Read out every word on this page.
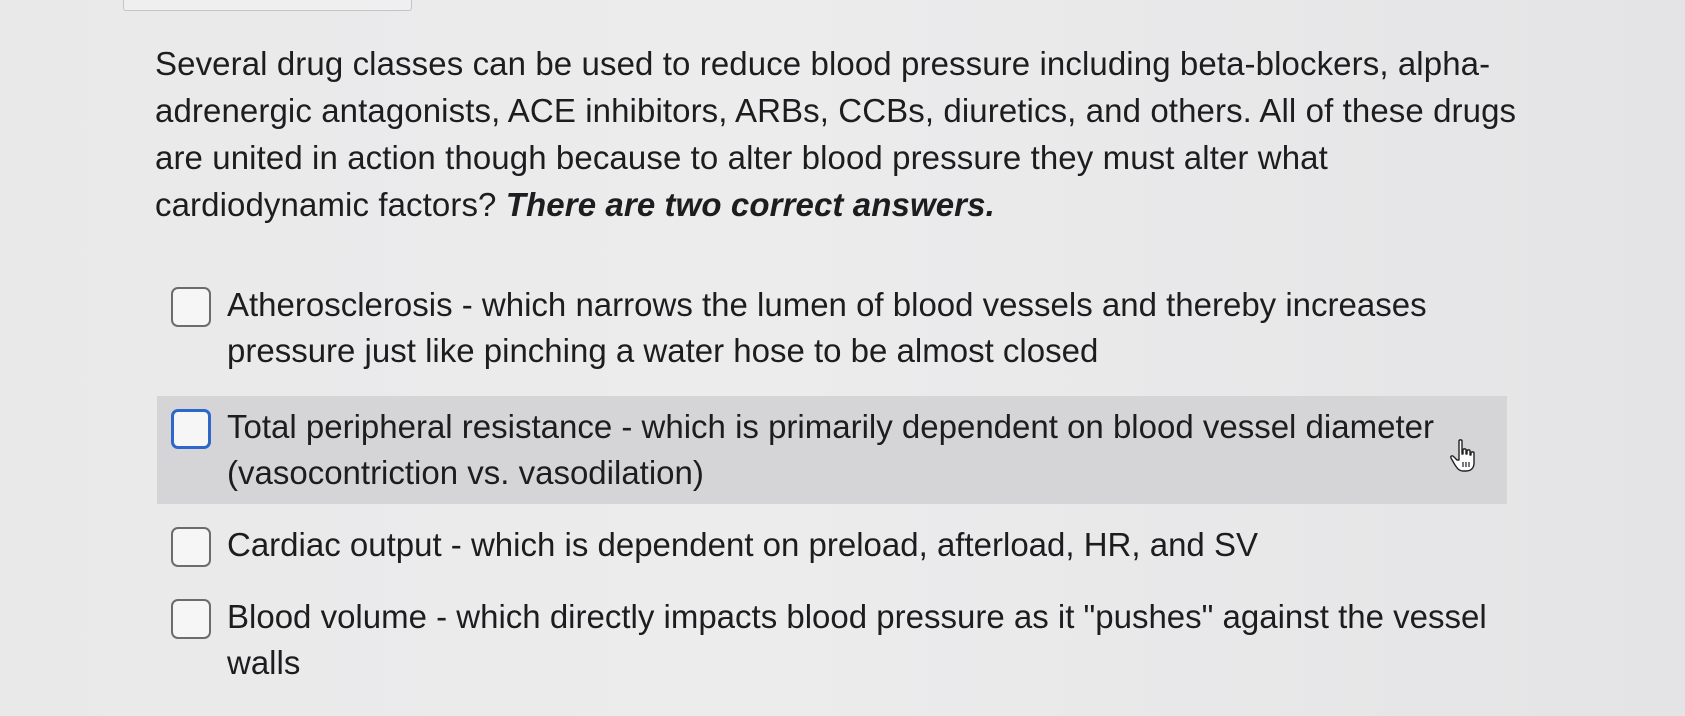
Several drug classes can be used to reduce blood pressure including beta-blockers, alpha-adrenergic antagonists, ACE inhibitors, ARBs, CCBs, diuretics, and others. All of these drugs are united in action though because to alter blood pressure they must alter what cardiodynamic factors? There are two correct answers.
Atherosclerosis - which narrows the lumen of blood vessels and thereby increases pressure just like pinching a water hose to be almost closed
Total peripheral resistance - which is primarily dependent on blood vessel diameter (vasocontriction vs. vasodilation)
Cardiac output - which is dependent on preload, afterload, HR, and SV
Blood volume - which directly impacts blood pressure as it "pushes" against the vessel walls
